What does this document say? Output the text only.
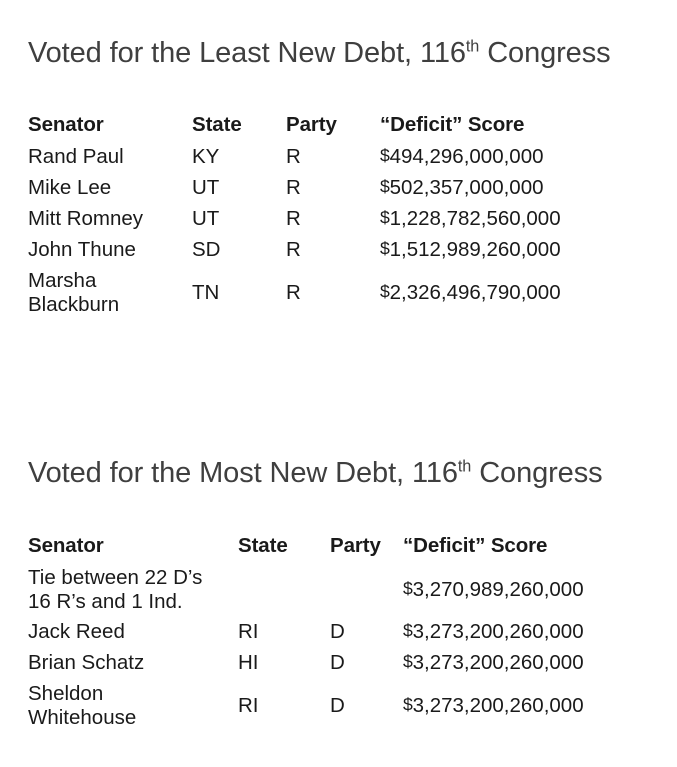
Voted for the Least New Debt, 116th Congress
Senator	State	Party	“Deficit” Score

Rand Paul	KY	R	$494,296,000,000

Mike Lee	UT	R	$502,357,000,000

Mitt Romney	UT	R	$1,228,782,560,000

John Thune	SD	R	$1,512,989,260,000

Marsha
Blackburn	TN	R	$2,326,496,790,000
Voted for the Most New Debt, 116th Congress
Senator	State	Party	“Deficit” Score

Tie between 22 D’s
16 R’s and 1 Ind.			$3,270,989,260,000

Jack Reed	RI	D	$3,273,200,260,000

Brian Schatz	HI	D	$3,273,200,260,000

Sheldon
Whitehouse	RI	D	$3,273,200,260,000
